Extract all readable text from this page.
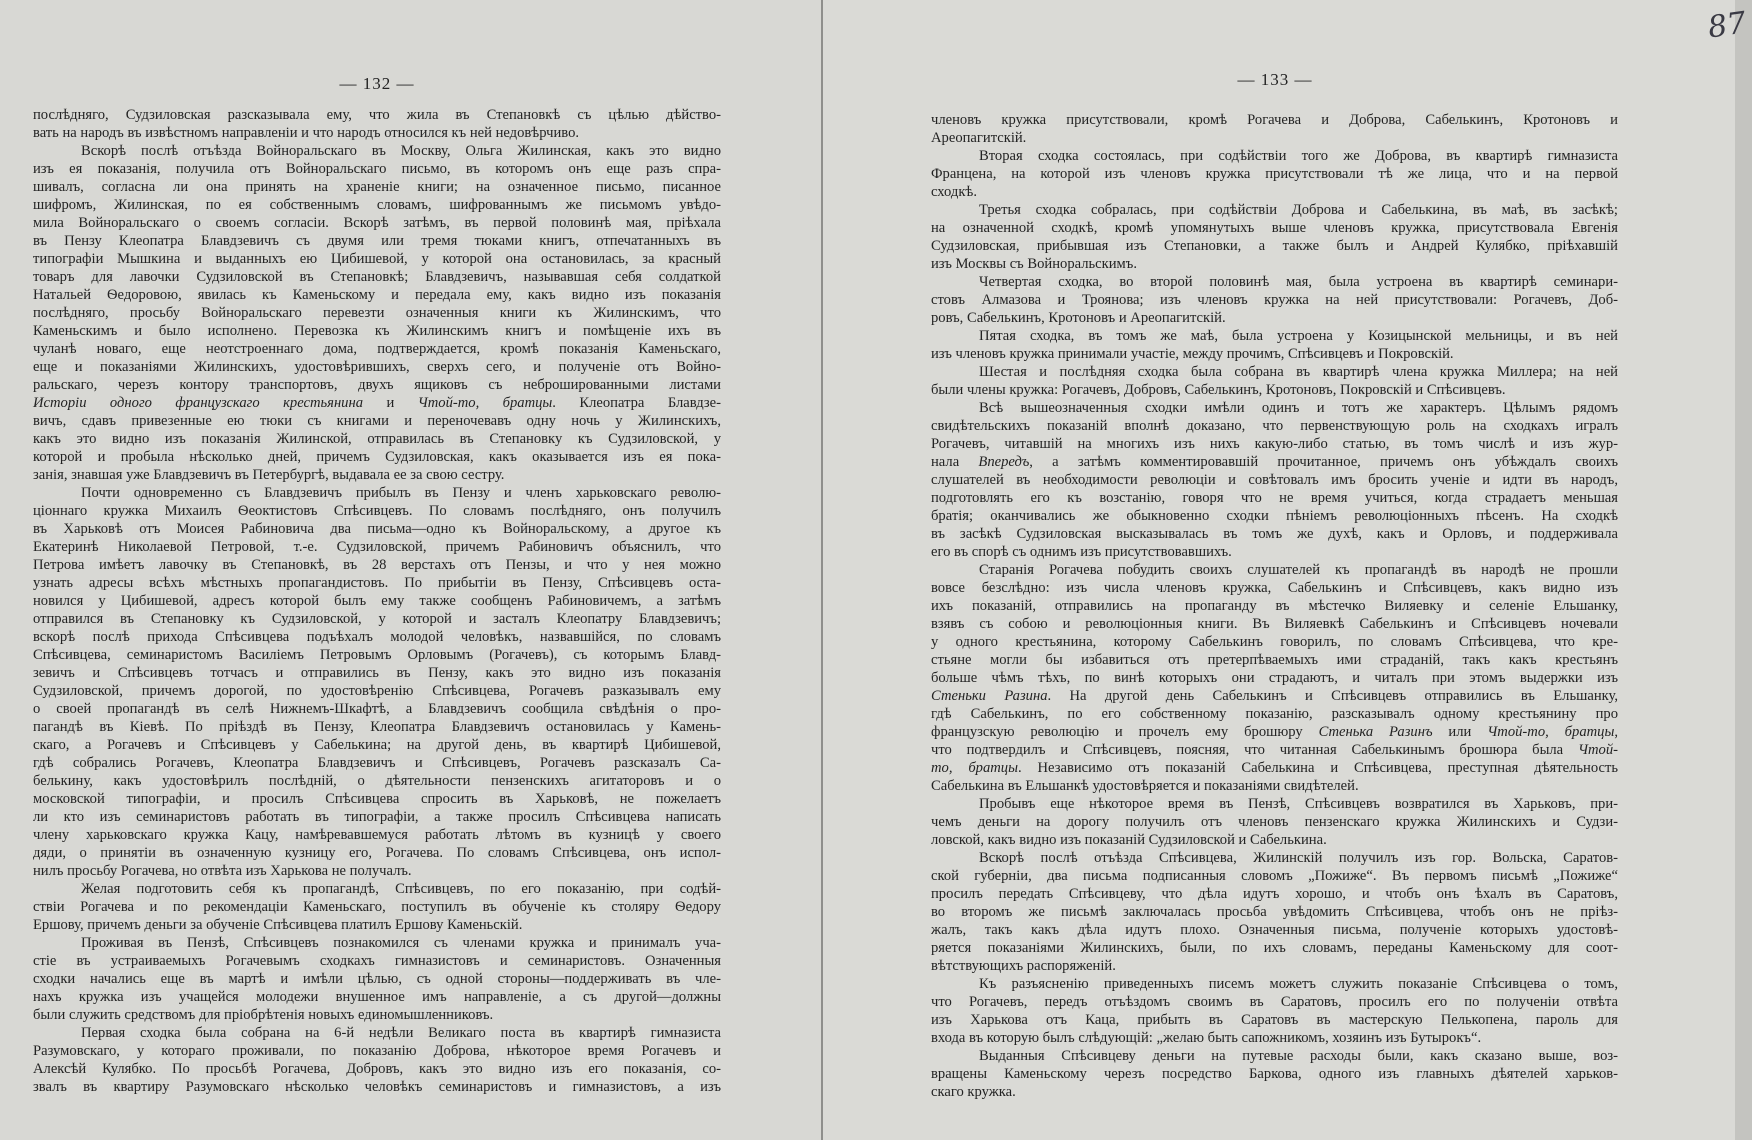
— 132 —	— 133 —
87
послѣдняго, Судзиловская разсказывала ему, что жила въ Степановкѣ съ цѣлью дѣйство-
вать на народъ въ извѣстномъ направленіи и что народъ относился къ ней недовѣрчиво.
Вскорѣ послѣ отъѣзда Войноральскаго въ Москву, Ольга Жилинская, какъ это видно
изъ ея показанія, получила отъ Войноральскаго письмо, въ которомъ онъ еще разъ спра-
шивалъ, согласна ли она принять на храненіе книги; на означенное письмо, писанное
шифромъ, Жилинская, по ея собственнымъ словамъ, шифрованнымъ же письмомъ увѣдо-
мила Войноральскаго о своемъ согласіи. Вскорѣ затѣмъ, въ первой половинѣ мая, пріѣхала
въ Пензу Клеопатра Блавдзевичъ съ двумя или тремя тюками книгъ, отпечатанныхъ въ
типографіи Мышкина и выданныхъ ею Цибишевой, у которой она остановилась, за красный
товаръ для лавочки Судзиловской въ Степановкѣ; Блавдзевичъ, называвшая себя солдаткой
Натальей Ѳедоровою, явилась къ Каменьскому и передала ему, какъ видно изъ показанія
послѣдняго, просьбу Войноральскаго перевезти означенныя книги къ Жилинскимъ, что
Каменьскимъ и было исполнено. Перевозка къ Жилинскимъ книгъ и помѣщеніе ихъ въ
чуланѣ новаго, еще неотстроеннаго дома, подтверждается, кромѣ показанія Каменьскаго,
еще и показаніями Жилинскихъ, удостовѣрившихъ, сверхъ сего, и полученіе отъ Войно-
ральскаго, черезъ контору транспортовъ, двухъ ящиковъ съ неброшированными листами
Исторіи одного французскаго крестьянина и Чтой-то, братцы. Клеопатра Блавдзе-
вичъ, сдавъ привезенные ею тюки съ книгами и переночевавъ одну ночь у Жилинскихъ,
какъ это видно изъ показанія Жилинской, отправилась въ Степановку къ Судзиловской, у
которой и пробыла нѣсколько дней, причемъ Судзиловская, какъ оказывается изъ ея пока-
занія, знавшая уже Блавдзевичъ въ Петербургѣ, выдавала ее за свою сестру.
Почти одновременно съ Блавдзевичъ прибылъ въ Пензу и членъ харьковскаго револю-
ціоннаго кружка Михаилъ Ѳеоктистовъ Спѣсивцевъ. По словамъ послѣдняго, онъ получилъ
въ Харьковѣ отъ Моисея Рабиновича два письма—одно къ Войноральскому, а другое къ
Екатеринѣ Николаевой Петровой, т.-е. Судзиловской, причемъ Рабиновичъ объяснилъ, что
Петрова имѣетъ лавочку въ Степановкѣ, въ 28 верстахъ отъ Пензы, и что у нея можно
узнать адресы всѣхъ мѣстныхъ пропагандистовъ. По прибытіи въ Пензу, Спѣсивцевъ оста-
новился у Цибишевой, адресъ которой былъ ему также сообщенъ Рабиновичемъ, а затѣмъ
отправился въ Степановку къ Судзиловской, у которой и засталъ Клеопатру Блавдзевичъ;
вскорѣ послѣ прихода Спѣсивцева подъѣхалъ молодой человѣкъ, назвавшійся, по словамъ
Спѣсивцева, семинаристомъ Василіемъ Петровымъ Орловымъ (Рогачевъ), съ которымъ Блавд-
зевичъ и Спѣсивцевъ тотчасъ и отправились въ Пензу, какъ это видно изъ показанія
Судзиловской, причемъ дорогой, по удостовѣренію Спѣсивцева, Рогачевъ разказывалъ ему
о своей пропагандѣ въ селѣ Нижнемъ-Шкафтѣ, а Блавдзевичъ сообщила свѣдѣнія о про-
пагандѣ въ Кіевѣ. По пріѣздѣ въ Пензу, Клеопатра Блавдзевичъ остановилась у Камень-
скаго, а Рогачевъ и Спѣсивцевъ у Сабелькина; на другой день, въ квартирѣ Цибишевой,
гдѣ собрались Рогачевъ, Клеопатра Блавдзевичъ и Спѣсивцевъ, Рогачевъ разсказалъ Са-
белькину, какъ удостовѣрилъ послѣдній, о дѣятельности пензенскихъ агитаторовъ и о
московской типографіи, и просилъ Спѣсивцева спросить въ Харьковѣ, не пожелаетъ
ли кто изъ семинаристовъ работать въ типографіи, а также просилъ Спѣсивцева написать
члену харьковскаго кружка Кацу, намѣревавшемуся работать лѣтомъ въ кузницѣ у своего
дяди, о принятіи въ означенную кузницу его, Рогачева. По словамъ Спѣсивцева, онъ испол-
нилъ просьбу Рогачева, но отвѣта изъ Харькова не получалъ.
Желая подготовить себя къ пропагандѣ, Спѣсивцевъ, по его показанію, при содѣй-
ствіи Рогачева и по рекомендаціи Каменьскаго, поступилъ въ обученіе къ столяру Ѳедору
Ершову, причемъ деньги за обученіе Спѣсивцева платилъ Ершову Каменьскій.
Проживая въ Пензѣ, Спѣсивцевъ познакомился съ членами кружка и принималъ уча-
стіе въ устраиваемыхъ Рогачевымъ сходкахъ гимназистовъ и семинаристовъ. Означенныя
сходки начались еще въ мартѣ и имѣли цѣлью, съ одной стороны—поддерживать въ чле-
нахъ кружка изъ учащейся молодежи внушенное имъ направленіе, а съ другой—должны
были служить средствомъ для пріобрѣтенія новыхъ единомышленниковъ.
Первая сходка была собрана на 6-й недѣли Великаго поста въ квартирѣ гимназиста
Разумовскаго, у котораго проживали, по показанію Доброва, нѣкоторое время Рогачевъ и
Алексѣй Кулябко. По просьбѣ Рогачева, Добровъ, какъ это видно изъ его показанія, со-
звалъ въ квартиру Разумовскаго нѣсколько человѣкъ семинаристовъ и гимназистовъ, а изъ
членовъ кружка присутствовали, кромѣ Рогачева и Доброва, Сабелькинъ, Кротоновъ и
Ареопагитскій.
Вторая сходка состоялась, при содѣйствіи того же Доброва, въ квартирѣ гимназиста
Францена, на которой изъ членовъ кружка присутствовали тѣ же лица, что и на первой
сходкѣ.
Третья сходка собралась, при содѣйствіи Доброва и Сабелькина, въ маѣ, въ засѣкѣ;
на означенной сходкѣ, кромѣ упомянутыхъ выше членовъ кружка, присутствовала Евгенія
Судзиловская, прибывшая изъ Степановки, а также былъ и Андрей Кулябко, пріѣхавшій
изъ Москвы съ Войноральскимъ.
Четвертая сходка, во второй половинѣ мая, была устроена въ квартирѣ семинари-
стовъ Алмазова и Троянова; изъ членовъ кружка на ней присутствовали: Рогачевъ, Доб-
ровъ, Сабелькинъ, Кротоновъ и Ареопагитскій.
Пятая сходка, въ томъ же маѣ, была устроена у Козицынской мельницы, и въ ней
изъ членовъ кружка принимали участіе, между прочимъ, Спѣсивцевъ и Покровскій.
Шестая и послѣдняя сходка была собрана въ квартирѣ члена кружка Миллера; на ней
были члены кружка: Рогачевъ, Добровъ, Сабелькинъ, Кротоновъ, Покровскій и Спѣсивцевъ.
Всѣ вышеозначенныя сходки имѣли одинъ и тотъ же характеръ. Цѣлымъ рядомъ
свидѣтельскихъ показаній вполнѣ доказано, что первенствующую роль на сходкахъ игралъ
Рогачевъ, читавшій на многихъ изъ нихъ какую-либо статью, въ томъ числѣ и изъ жур-
нала Впередъ, а затѣмъ комментировавшій прочитанное, причемъ онъ убѣждалъ своихъ
слушателей въ необходимости революціи и совѣтовалъ имъ бросить ученіе и идти въ народъ,
подготовлять его къ возстанію, говоря что не время учиться, когда страдаетъ меньшая
братія; оканчивались же обыкновенно сходки пѣніемъ революціонныхъ пѣсенъ. На сходкѣ
въ засѣкѣ Судзиловская высказывалась въ томъ же духѣ, какъ и Орловъ, и поддерживала
его въ спорѣ съ однимъ изъ присутствовавшихъ.
Старанія Рогачева побудить своихъ слушателей къ пропагандѣ въ народѣ не прошли
вовсе безслѣдно: изъ числа членовъ кружка, Сабелькинъ и Спѣсивцевъ, какъ видно изъ
ихъ показаній, отправились на пропаганду въ мѣстечко Виляевку и селеніе Ельшанку,
взявъ съ собою и революціонныя книги. Въ Виляевкѣ Сабелькинъ и Спѣсивцевъ ночевали
у одного крестьянина, которому Сабелькинъ говорилъ, по словамъ Спѣсивцева, что кре-
стьяне могли бы избавиться отъ претерпѣваемыхъ ими страданій, такъ какъ крестьянъ
больше чѣмъ тѣхъ, по винѣ которыхъ они страдаютъ, и читалъ при этомъ выдержки изъ
Стеньки Разина. На другой день Сабелькинъ и Спѣсивцевъ отправились въ Ельшанку,
гдѣ Сабелькинъ, по его собственному показанію, разсказывалъ одному крестьянину про
французскую революцію и прочелъ ему брошюру Стенька Разинъ или Чтой-то, братцы,
что подтвердилъ и Спѣсивцевъ, поясняя, что читанная Сабелькинымъ брошюра была Чтой-
то, братцы. Независимо отъ показаній Сабелькина и Спѣсивцева, преступная дѣятельность
Сабелькина въ Ельшанкѣ удостовѣряется и показаніями свидѣтелей.
Пробывъ еще нѣкоторое время въ Пензѣ, Спѣсивцевъ возвратился въ Харьковъ, при-
чемъ деньги на дорогу получилъ отъ членовъ пензенскаго кружка Жилинскихъ и Судзи-
ловской, какъ видно изъ показаній Судзиловской и Сабелькина.
Вскорѣ послѣ отъѣзда Спѣсивцева, Жилинскій получилъ изъ гор. Вольска, Саратов-
ской губерніи, два письма подписанныя словомъ „Пожиже“. Въ первомъ письмѣ „Пожиже“
просилъ передать Спѣсивцеву, что дѣла идутъ хорошо, и чтобъ онъ ѣхалъ въ Саратовъ,
во второмъ же письмѣ заключалась просьба увѣдомить Спѣсивцева, чтобъ онъ не пріѣз-
жалъ, такъ какъ дѣла идутъ плохо. Означенныя письма, полученіе которыхъ удостовѣ-
ряется показаніями Жилинскихъ, были, по ихъ словамъ, переданы Каменьскому для соот-
вѣтствующихъ распоряженій.
Къ разъясненію приведенныхъ писемъ можетъ служить показаніе Спѣсивцева о томъ,
что Рогачевъ, передъ отъѣздомъ своимъ въ Саратовъ, просилъ его по полученіи отвѣта
изъ Харькова отъ Каца, прибыть въ Саратовъ въ мастерскую Пелькопена, пароль для
входа въ которую былъ слѣдующій: „желаю быть сапожникомъ, хозяинъ изъ Бутырокъ“.
Выданныя Спѣсивцеву деньги на путевые расходы были, какъ сказано выше, воз-
вращены Каменьскому черезъ посредство Баркова, одного изъ главныхъ дѣятелей харьков-
скаго кружка.
